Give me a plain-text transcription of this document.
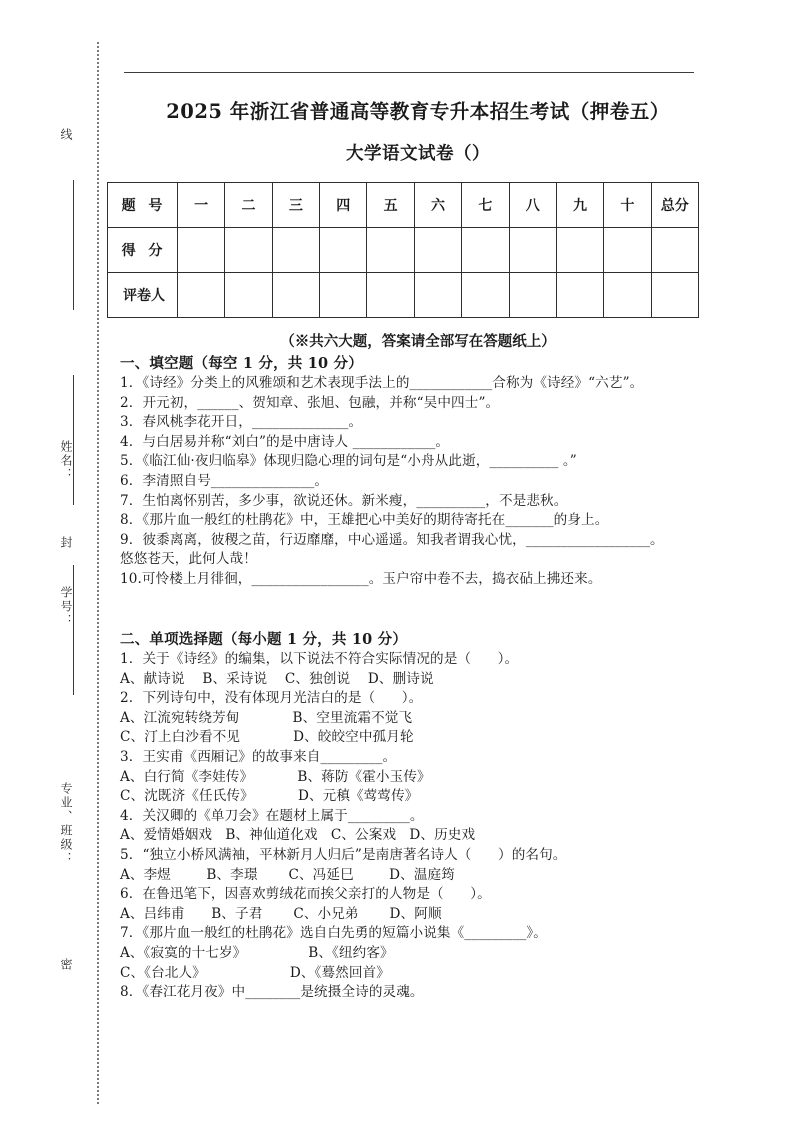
线
姓名：
封
学号：
专业、班级：
密
2025 年浙江省普通高等教育专升本招生考试（押卷五）
大学语文试卷（）
题 号	一	二	三	四	五	六	七	八	九	十	总分
得 分											
评卷人											
（※共六大题，答案请全部写在答题纸上）

一、填空题（每空 1 分，共 10 分）

1．《诗经》分类上的风雅颂和艺术表现手法上的____________合称为《诗经》“六艺”。

2．开元初，______、贺知章、张旭、包融，并称“吴中四士”。

3．春风桃李花开日，______________。

4．与白居易并称“刘白”的是中唐诗人 ____________。

5．《临江仙·夜归临皋》体现归隐心理的词句是“小舟从此逝，__________ 。”

6．李清照自号_______________。

7．生怕离怀别苦，多少事，欲说还休。新米瘦，__________，不是悲秋。

8．《那片血一般红的杜鹃花》中，王雄把心中美好的期待寄托在_______的身上。

9．彼黍离离，彼稷之苗，行迈靡靡，中心遥遥。知我者谓我心忧，__________________。

悠悠苍天，此何人哉！

10.可怜楼上月徘徊，_________________。玉户帘中卷不去，捣衣砧上拂还来。

二、单项选择题（每小题 1 分，共 10 分）

1．关于《诗经》的编集，以下说法不符合实际情况的是（      ）。

A、献诗说    B、采诗说    C、独创说    D、删诗说

2．下列诗句中，没有体现月光洁白的是（      ）。

A、江流宛转绕芳甸            B、空里流霜不觉飞

C、汀上白沙看不见            D、皎皎空中孤月轮

3．王实甫《西厢记》的故事来自_________。

A、白行简《李娃传》          B、蒋防《霍小玉传》

C、沈既济《任氏传》          D、元稹《莺莺传》

4．关汉卿的《单刀会》在题材上属于_________。

A、爱情婚姻戏   B、神仙道化戏   C、公案戏   D、历史戏

5．“独立小桥风满袖，平林新月人归后”是南唐著名诗人（      ）的名句。

A、李煜        B、李璟       C、冯延巳        D、温庭筠

6．在鲁迅笔下，因喜欢剪绒花而挨父亲打的人物是（      ）。

A、吕纬甫      B、子君       C、小兄弟       D、阿顺

7．《那片血一般红的杜鹃花》选自白先勇的短篇小说集《_________》。

A、《寂寞的十七岁》              B、《纽约客》

C、《台北人》                   D、《蓦然回首》

8．《春江花月夜》中________是统摄全诗的灵魂。
